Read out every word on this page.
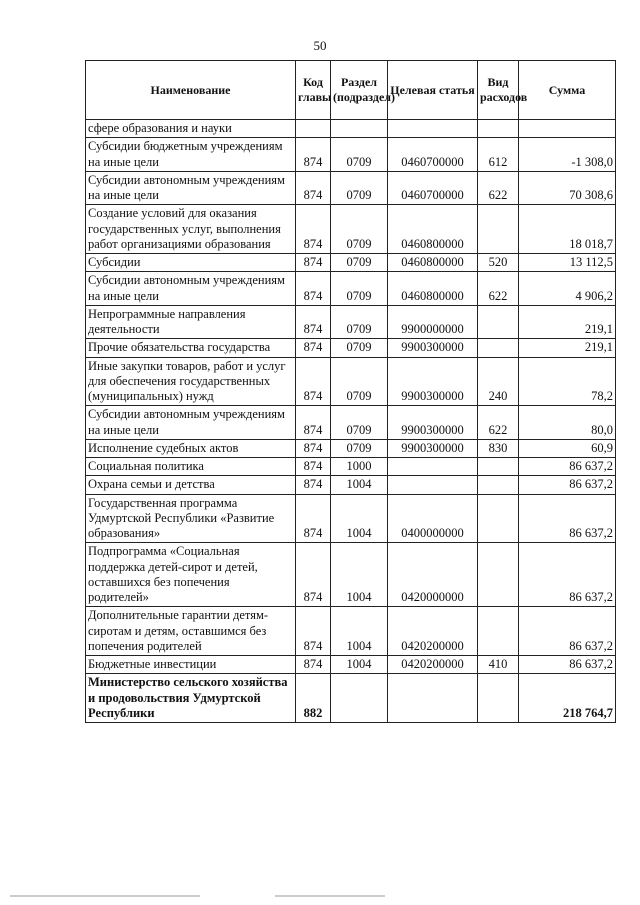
50
Наименование	Код главы	Раздел (подраздел)	Целевая статья	Вид расходов	Сумма
сфере образования и науки					
Субсидии бюджетным учреждениям на иные цели	874	0709	0460700000	612	-1 308,0
Субсидии автономным учреждениям на иные цели	874	0709	0460700000	622	70 308,6
Создание условий для оказания государственных услуг, выполнения работ организациями образования	874	0709	0460800000		18 018,7
Субсидии	874	0709	0460800000	520	13 112,5
Субсидии автономным учреждениям на иные цели	874	0709	0460800000	622	4 906,2
Непрограммные направления деятельности	874	0709	9900000000		219,1
Прочие обязательства государства	874	0709	9900300000		219,1
Иные закупки товаров, работ и услуг для обеспечения государственных (муниципальных) нужд	874	0709	9900300000	240	78,2
Субсидии автономным учреждениям на иные цели	874	0709	9900300000	622	80,0
Исполнение судебных актов	874	0709	9900300000	830	60,9
Социальная политика	874	1000			86 637,2
Охрана семьи и детства	874	1004			86 637,2
Государственная программа Удмуртской Республики «Развитие образования»	874	1004	0400000000		86 637,2
Подпрограмма «Социальная поддержка детей-сирот и детей, оставшихся без попечения родителей»	874	1004	0420000000		86 637,2
Дополнительные гарантии детям-сиротам и детям, оставшимся без попечения родителей	874	1004	0420200000		86 637,2
Бюджетные инвестиции	874	1004	0420200000	410	86 637,2
Министерство сельского хозяйства и продовольствия Удмуртской Республики	882				218 764,7
